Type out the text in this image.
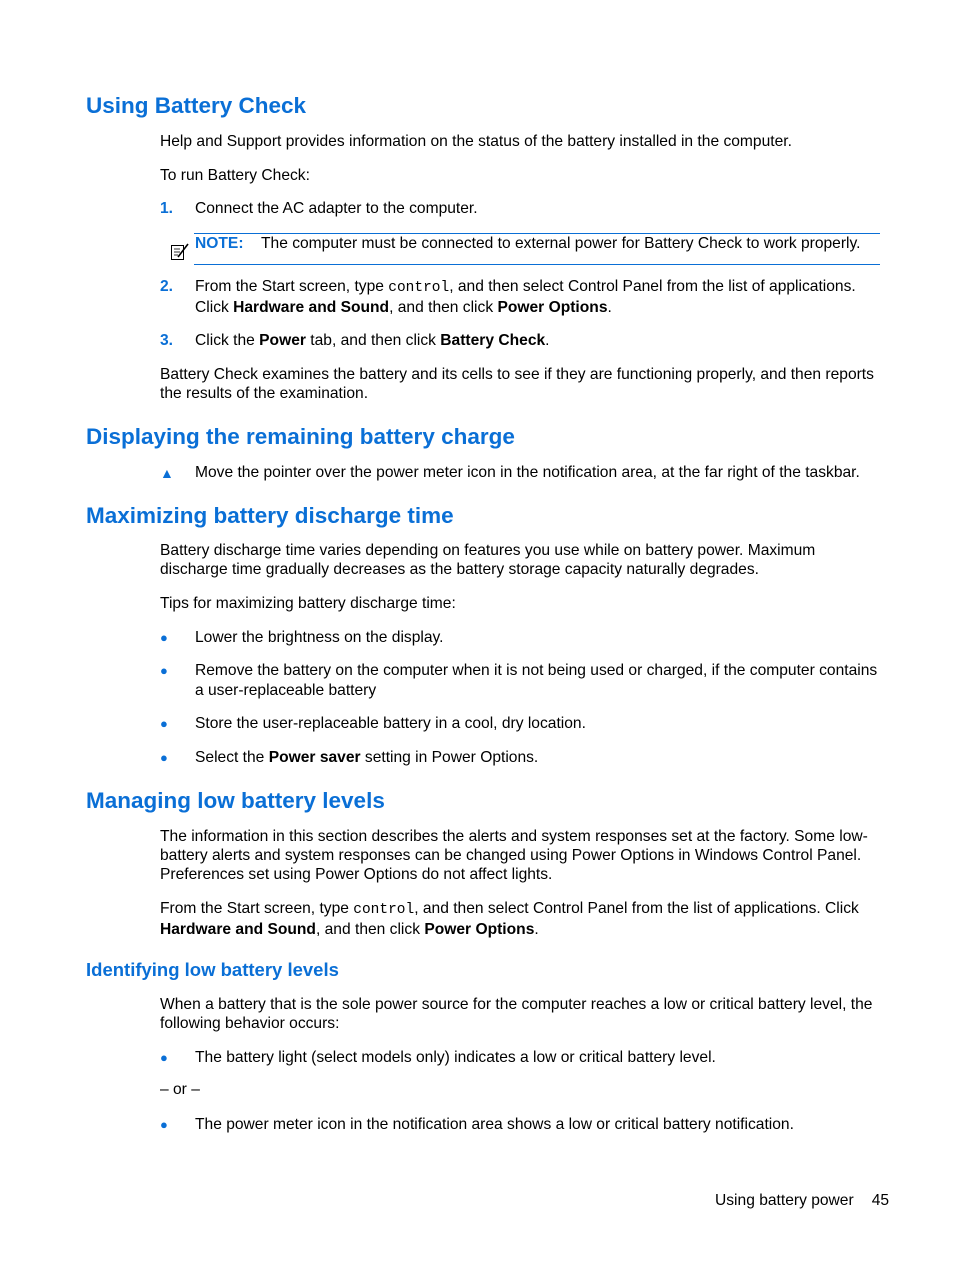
Using Battery Check

Help and Support provides information on the status of the battery installed in the computer.

To run Battery Check:

1.	Connect the AC adapter to the computer.
NOTE: The computer must be connected to external power for Battery Check to work properly.
2.	From the Start screen, type control, and then select Control Panel from the list of applications. Click Hardware and Sound, and then click Power Options.
3.	Click the Power tab, and then click Battery Check.

Battery Check examines the battery and its cells to see if they are functioning properly, and then reports the results of the examination.

Displaying the remaining battery charge
▲	Move the pointer over the power meter icon in the notification area, at the far right of the taskbar.
Maximizing battery discharge time

Battery discharge time varies depending on features you use while on battery power. Maximum discharge time gradually decreases as the battery storage capacity naturally degrades.

Tips for maximizing battery discharge time:

●	Lower the brightness on the display.
●	Remove the battery on the computer when it is not being used or charged, if the computer contains a user-replaceable battery
●	Store the user-replaceable battery in a cool, dry location.
●	Select the Power saver setting in Power Options.
Managing low battery levels

The information in this section describes the alerts and system responses set at the factory. Some low-battery alerts and system responses can be changed using Power Options in Windows Control Panel. Preferences set using Power Options do not affect lights.

From the Start screen, type control, and then select Control Panel from the list of applications. Click Hardware and Sound, and then click Power Options.

Identifying low battery levels

When a battery that is the sole power source for the computer reaches a low or critical battery level, the following behavior occurs:

●	The battery light (select models only) indicates a low or critical battery level.
– or –
●	The power meter icon in the notification area shows a low or critical battery notification.
Using battery power 45
